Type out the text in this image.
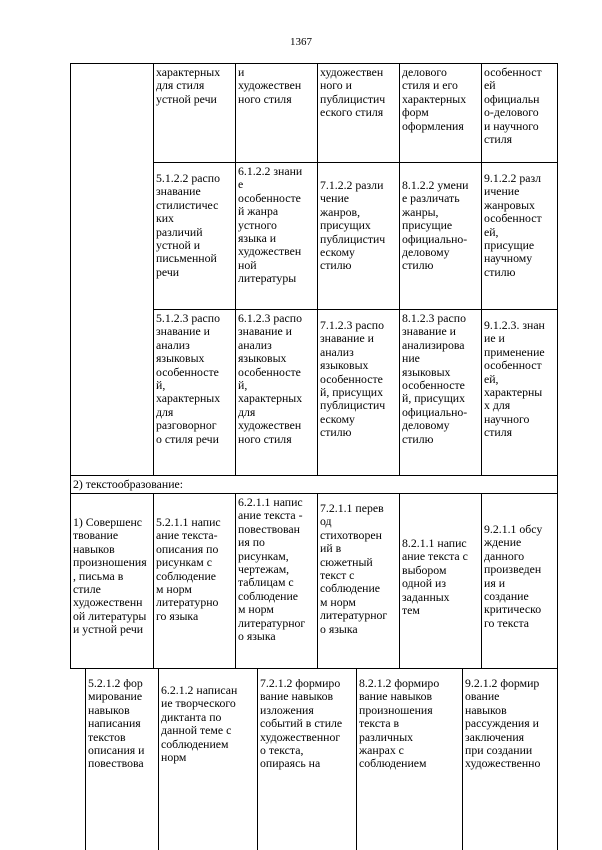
1367
характерных
для стиля
устной речи
и
художествен
ного стиля
художествен
ного и
публицистич
еского стиля
делового
стиля и его
характерных
форм
оформления
особенност
ей
официальн
о-делового
и научного
стиля
5.1.2.2 распо
знавание
стилистичес
ких
различий
устной и
письменной
речи
6.1.2.2 знани
е
особенносте
й жанра
устного
языка и
художествен
ной
литературы
7.1.2.2 разли
чение
жанров,
присущих
публицистич
ескому
стилю
8.1.2.2 умени
е различать
жанры,
присущие
официально-
деловому
стилю
9.1.2.2 разл
ичение
жанровых
особенност
ей,
присущие
научному
стилю
5.1.2.3 распо
знавание и
анализ
языковых
особенносте
й,
характерных
для
разговорног
о стиля речи
6.1.2.3 распо
знавание и
анализ
языковых
особенносте
й,
характерных
для
художествен
ного стиля
7.1.2.3 распо
знавание и
анализ
языковых
особенносте
й, присущих
публицистич
ескому
стилю
8.1.2.3 распо
знавание и
анализирова
ние
языковых
особенносте
й, присущих
официально-
деловому
стилю
9.1.2.3. знан
ие и
применение
особенност
ей,
характерны
х для
научного
стиля
2) текстообразование:
1) Совершенс
твование
навыков
произношения
, письма в
стиле
художественн
ой литературы
и устной речи
5.2.1.1 напис
ание текста-
описания по
рисункам с
соблюдение
м норм
литературно
го языка
6.2.1.1 напис
ание текста -
повествован
ия по
рисункам,
чертежам,
таблицам с
соблюдение
м норм
литературног
о языка
7.2.1.1 перев
од
стихотворен
ий в
сюжетный
текст с
соблюдение
м норм
литературног
о языка
8.2.1.1 напис
ание текста с
выбором
одной из
заданных
тем
9.2.1.1 обсу
ждение
данного
произведен
ия и
создание
критическо
го текста
5.2.1.2 фор
мирование
навыков
написания
текстов
описания и
повествова
6.2.1.2 написан
ие творческого
диктанта по
данной теме с
соблюдением
норм
7.2.1.2 формиро
вание навыков
изложения
событий в стиле
художественног
о текста,
опираясь на
8.2.1.2 формиро
вание навыков
произношения
текста в
различных
жанрах с
соблюдением
9.2.1.2 формир
ование
навыков
рассуждения и
заключения
при создании
художественно
